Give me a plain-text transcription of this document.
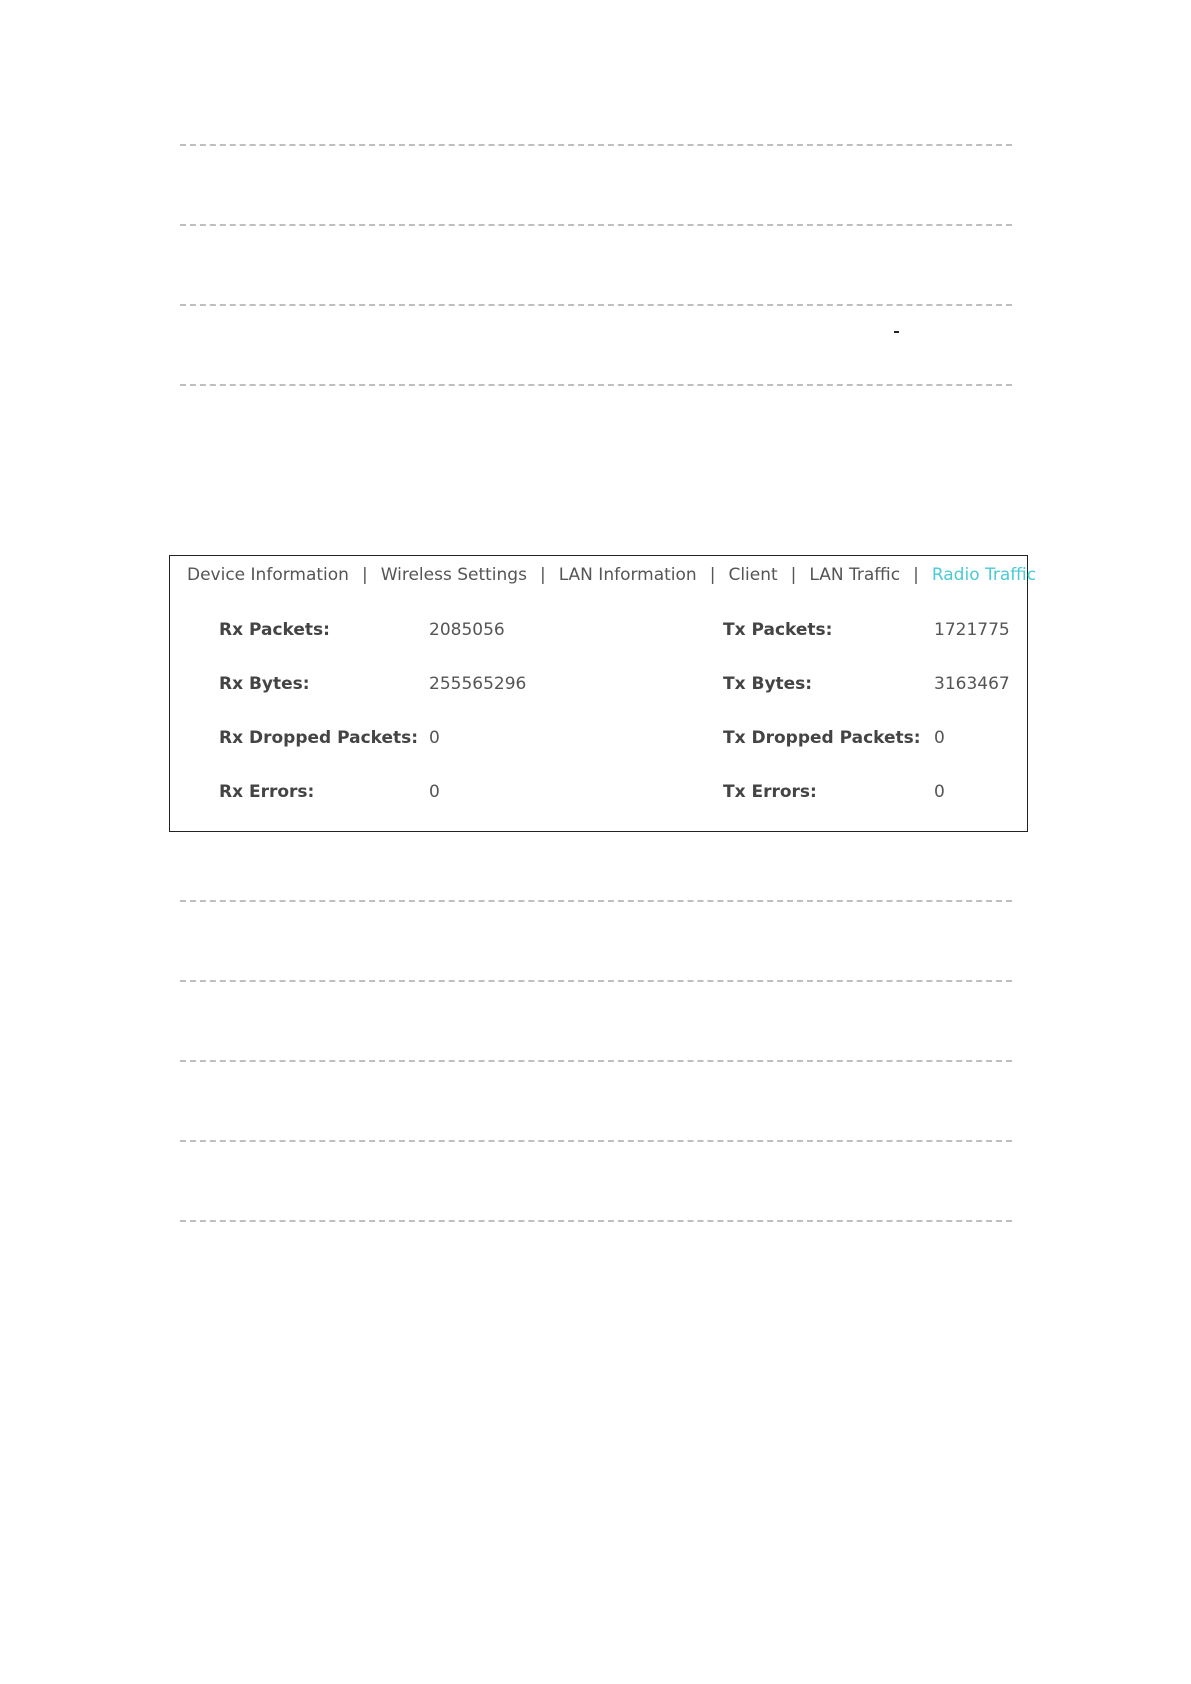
Device Information | Wireless Settings | LAN Information | Client | LAN Traffic | Radio Traffic
Rx Packets:	2085056	Tx Packets:	1721775
Rx Bytes:	255565296	Tx Bytes:	3163467
Rx Dropped Packets: 0	Tx Dropped Packets: 0
Rx Errors:	0	Tx Errors:	0
